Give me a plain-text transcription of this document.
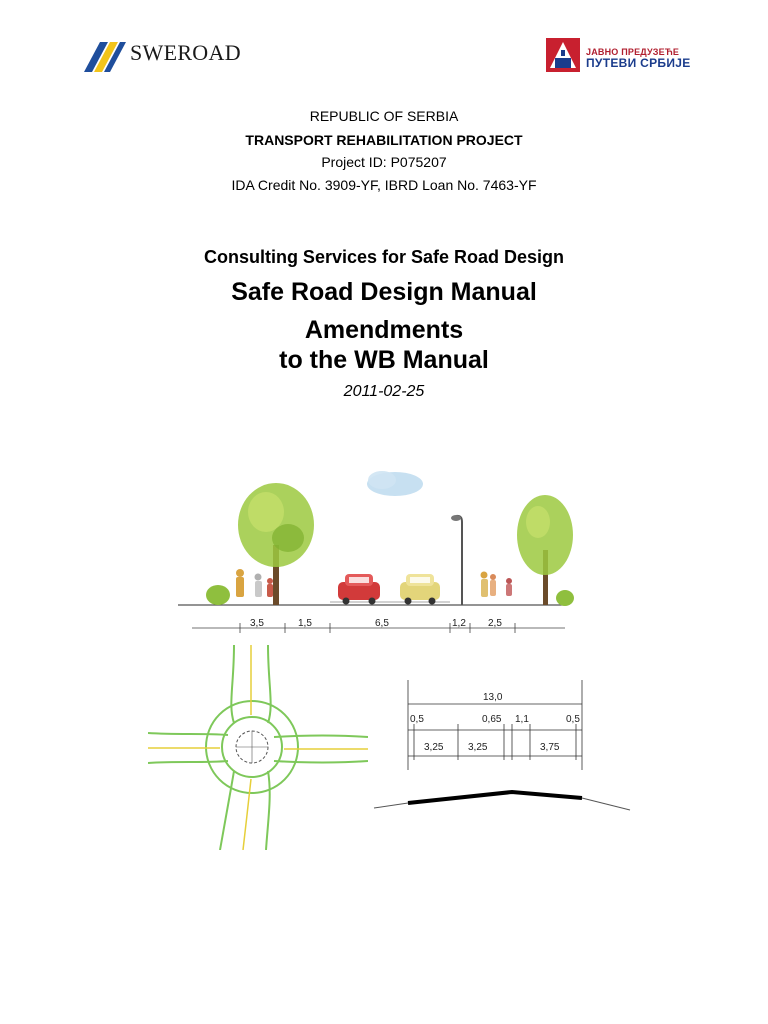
SWEROAD	ЈАВНО ПРЕДУЗЕЋЕ
ПУТЕВИ СРБИЈЕ
REPUBLIC OF SERBIA
TRANSPORT REHABILITATION PROJECT
Project ID: P075207
IDA Credit No. 3909-YF, IBRD Loan No. 7463-YF
Consulting Services for Safe Road Design
Safe Road Design Manual
Amendments
to the WB Manual
2011-02-25
3,5	1,5	6,5	1,2 2,5
13,0
0,5	0,65 1,1	0,5
3,25 3,25	3,75
